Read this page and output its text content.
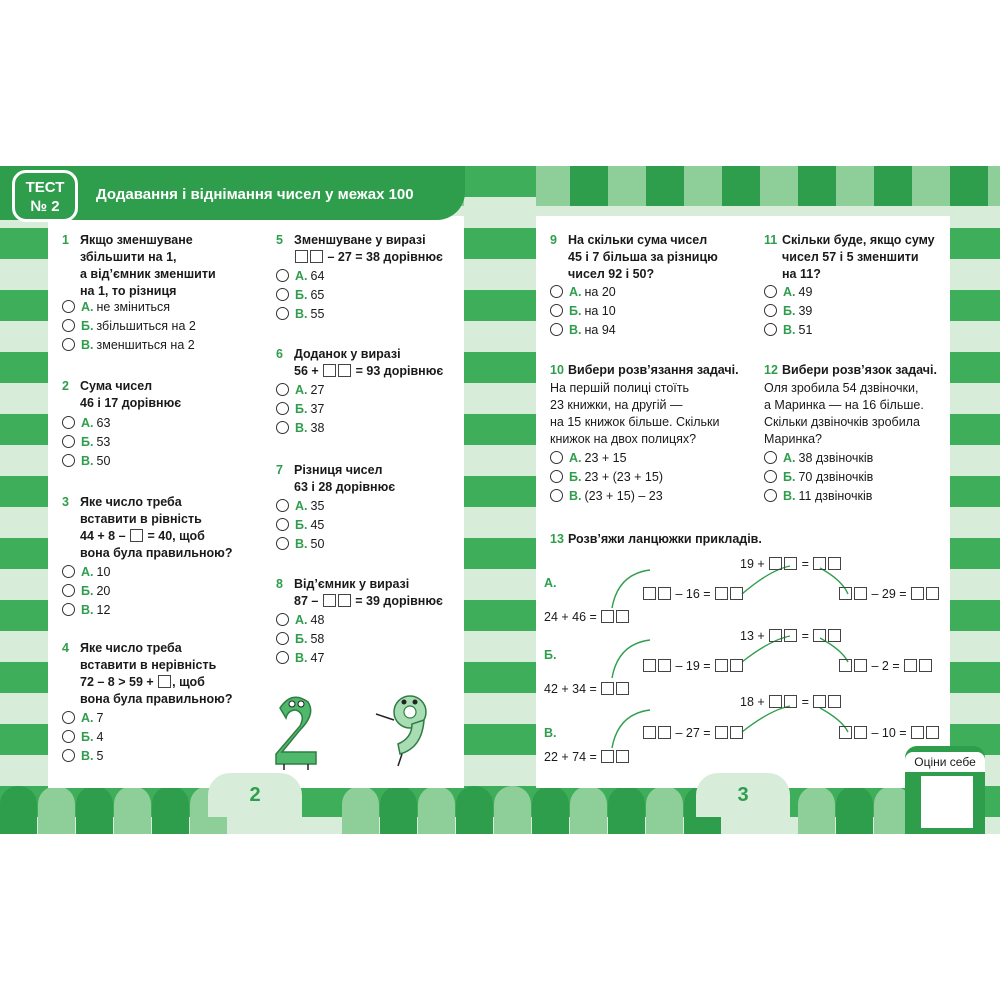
ТЕСТ
№ 2
Додавання і віднімання чисел у межах 100
1 Якщо зменшуване
збільшити на 1,
а від’ємник зменшити
на 1, то різниця
А. не зміниться
Б. збільшиться на 2
В. зменшиться на 2
2 Сума чисел
46 і 17 дорівнює
А. 63
Б. 53
В. 50
3 Яке число треба
вставити в рівність
44 + 8 –  = 40, щоб
вона була правильною?
А. 10
Б. 20
В. 12
4 Яке число треба
вставити в нерівність
72 – 8 > 59 + , щоб
вона була правильною?
А. 7
Б. 4
В. 5
5 Зменшуване у виразі
– 27 = 38 дорівнює
А. 64
Б. 65
В. 55
6 Доданок у виразі
56 +  = 93 дорівнює
А. 27
Б. 37
В. 38
7 Різниця чисел
63 і 28 дорівнює
А. 35
Б. 45
В. 50
8 Від’ємник у виразі
87 –  = 39 дорівнює
А. 48
Б. 58
В. 47
9 На скільки сума чисел
45 і 7 більша за різницю
чисел 92 і 50?
А. на 20
Б. на 10
В. на 94
10 Вибери розв’язання задачі.
На першій полиці стоїть
23 книжки, на другій —
на 15 книжок більше. Скільки
книжок на двох полицях?
А. 23 + 15
Б. 23 + (23 + 15)
В. (23 + 15) – 23
11 Скільки буде, якщо суму
чисел 57 і 5 зменшити
на 11?
А. 49
Б. 39
В. 51
12 Вибери розв’язок задачі.
Оля зробила 54 дзвіночки,
а Маринка — на 16 більше.
Скільки дзвіночків зробила
Маринка?
А. 38 дзвіночків
Б. 70 дзвіночків
В. 11 дзвіночків
13 Розв’яжи ланцюжки прикладів.
А.
24 + 46 =
– 16 =
19 +	=
– 29 =
Б.
42 + 34 =
– 19 =
13 +	=
– 2 =
В.
22 + 74 =
– 27 =
18 +	=
– 10 =
2	3
Оціни себе
